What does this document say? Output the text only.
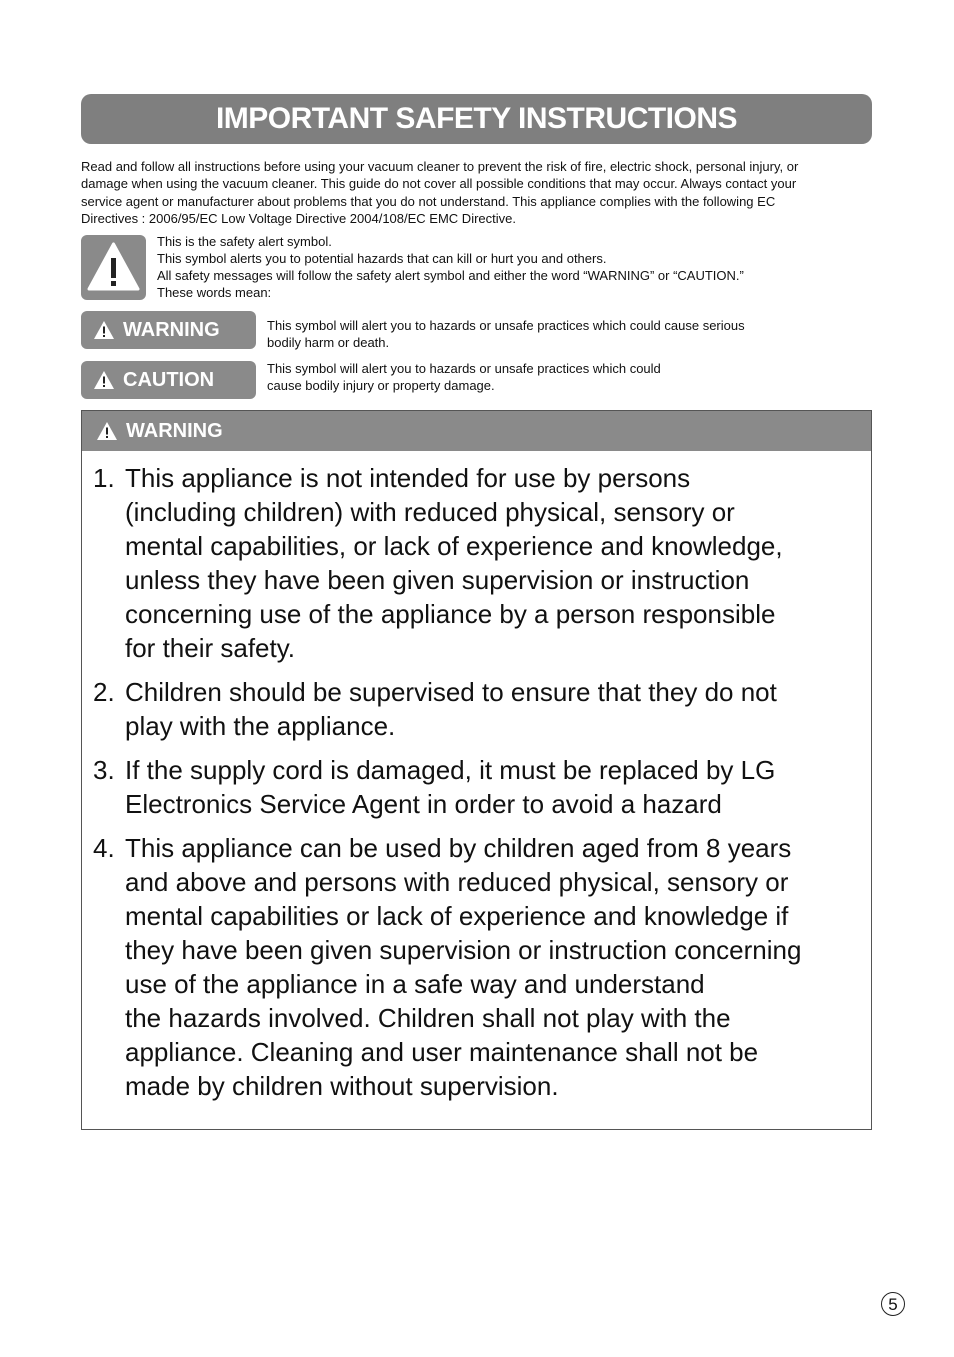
IMPORTANT SAFETY INSTRUCTIONS
Read and follow all instructions before using your vacuum cleaner to prevent the risk of fire, electric shock, personal injury, or
damage when using the vacuum cleaner. This guide do not cover all possible conditions that may occur. Always contact your
service agent or manufacturer about problems that you do not understand. This appliance complies with the following EC
Directives : 2006/95/EC Low Voltage Directive 2004/108/EC EMC Directive.
This is the safety alert symbol.
This symbol alerts you to potential hazards that can kill or hurt you and others.
All safety messages will follow the safety alert symbol and either the word “WARNING” or “CAUTION.”
These words mean:
WARNING	This symbol will alert you to hazards or unsafe practices which could cause serious
bodily harm or death.
CAUTION	This symbol will alert you to hazards or unsafe practices which could
cause bodily injury or property damage.
WARNING
1. This appliance is not intended for use by persons
(including children) with reduced physical, sensory or
mental capabilities, or lack of experience and knowledge,
unless they have been given supervision or instruction
concerning use of the appliance by a person responsible
for their safety.
2. Children should be supervised to ensure that they do not
play with the appliance.
3. If the supply cord is damaged, it must be replaced by LG
Electronics Service Agent in order to avoid a hazard
4. This appliance can be used by children aged from 8 years
and above and persons with reduced physical, sensory or
mental capabilities or lack of experience and knowledge if
they have been given supervision or instruction concerning
use of the appliance in a safe way and understand
the hazards involved. Children shall not play with the
appliance. Cleaning and user maintenance shall not be
made by children without supervision.
5
